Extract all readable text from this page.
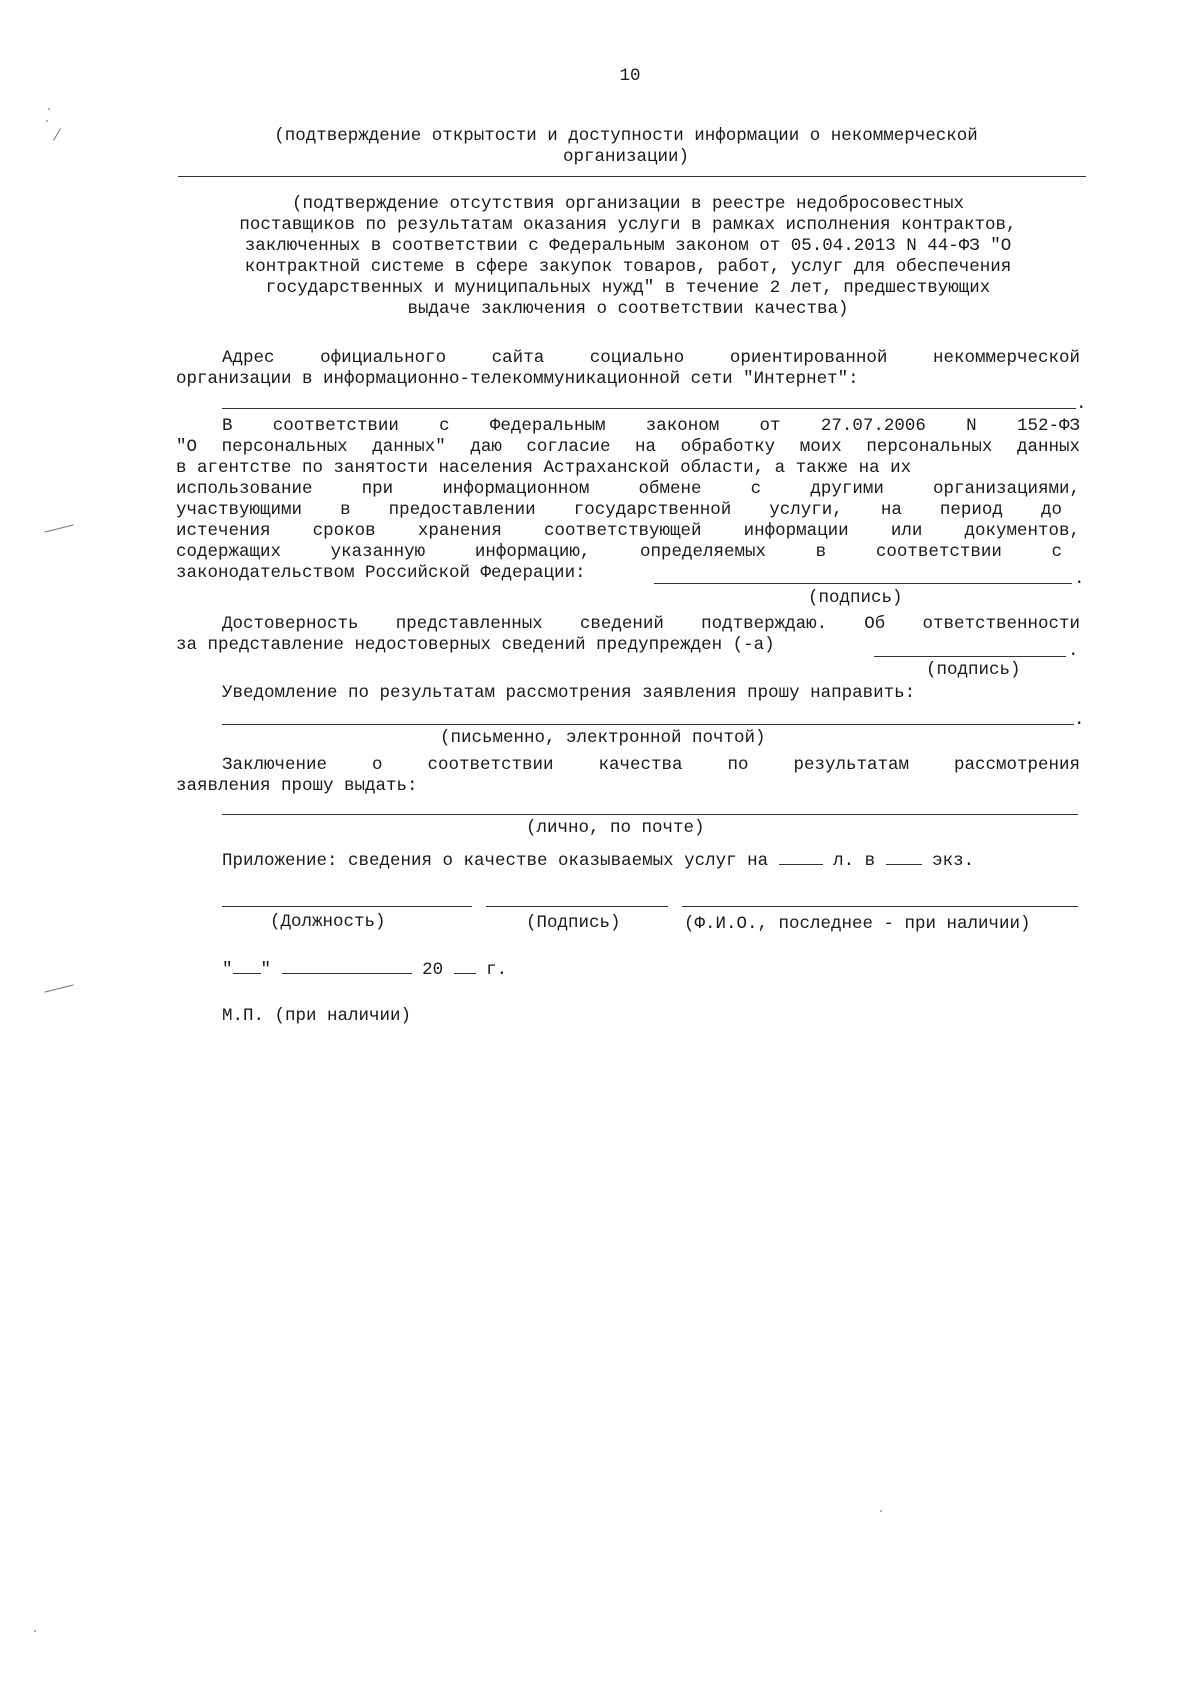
10
(подтверждение открытости и доступности информации о некоммерческой
организации)
(подтверждение отсутствия организации в реестре недобросовестных
поставщиков по результатам оказания услуги в рамках исполнения контрактов,
заключенных в соответствии с Федеральным законом от 05.04.2013 N 44-ФЗ "О
контрактной системе в сфере закупок товаров, работ, услуг для обеспечения
государственных и муниципальных нужд" в течение 2 лет, предшествующих
выдаче заключения о соответствии качества)
Адрес официального сайта социально ориентированной некоммерческой
организации в информационно-телекоммуникационной сети "Интернет":
.
В соответствии с Федеральным законом от 27.07.2006 N 152-ФЗ
"О персональных данных" даю согласие на обработку моих персональных данных
в агентстве по занятости населения Астраханской области, а также на их
использование при информационном обмене с другими организациями,
участвующими в предоставлении государственной услуги, на период до
истечения сроков хранения соответствующей информации или документов,
содержащих указанную информацию, определяемых в соответствии с
законодательством Российской Федерации:	.
(подпись)
Достоверность представленных сведений подтверждаю. Об ответственности
за представление недостоверных сведений предупрежден (-а)	.
(подпись)
Уведомление по результатам рассмотрения заявления прошу направить:
.
(письменно, электронной почтой)
Заключение о соответствии качества по результатам рассмотрения
заявления прошу выдать:
(лично, по почте)
Приложение: сведения о качестве оказываемых услуг на	л. в	экз.
(Должность)	(Подпись)	(Ф.И.О., последнее - при наличии)
" "	20 г.
М.П. (при наличии)
